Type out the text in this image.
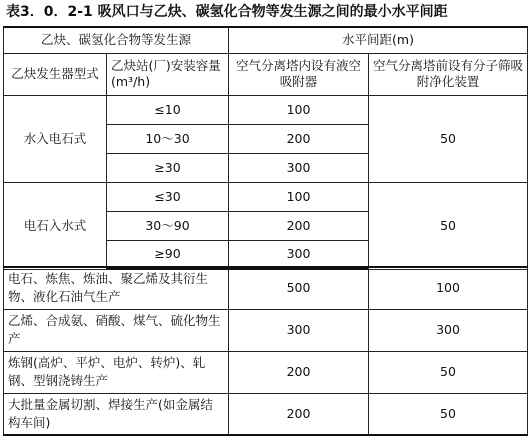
表3．0．2-1 吸风口与乙炔、碳氢化合物等发生源之间的最小水平间距
乙炔、碳氢化合物等发生源		水平间距(m)	
乙炔发生器型式	乙炔站(厂)安装容量(m³/h)	空气分离塔内设有液空吸附器	空气分离塔前设有分子筛吸附净化装置
水入电石式	≤10	100	50
	10～30	200	
	≥30	300	
电石入水式	≤30	100	50
	30～90	200	
	≥90	300	
电石、炼焦、炼油、聚乙烯及其衍生物、液化石油气生产	500	100
乙烯、合成氨、硝酸、煤气、硫化物生产	300	300
炼钢(高炉、平炉、电炉、转炉)、轧钢、型钢浇铸生产	200	50
大批量金属切割、焊接生产(如金属结构车间)	200	50
